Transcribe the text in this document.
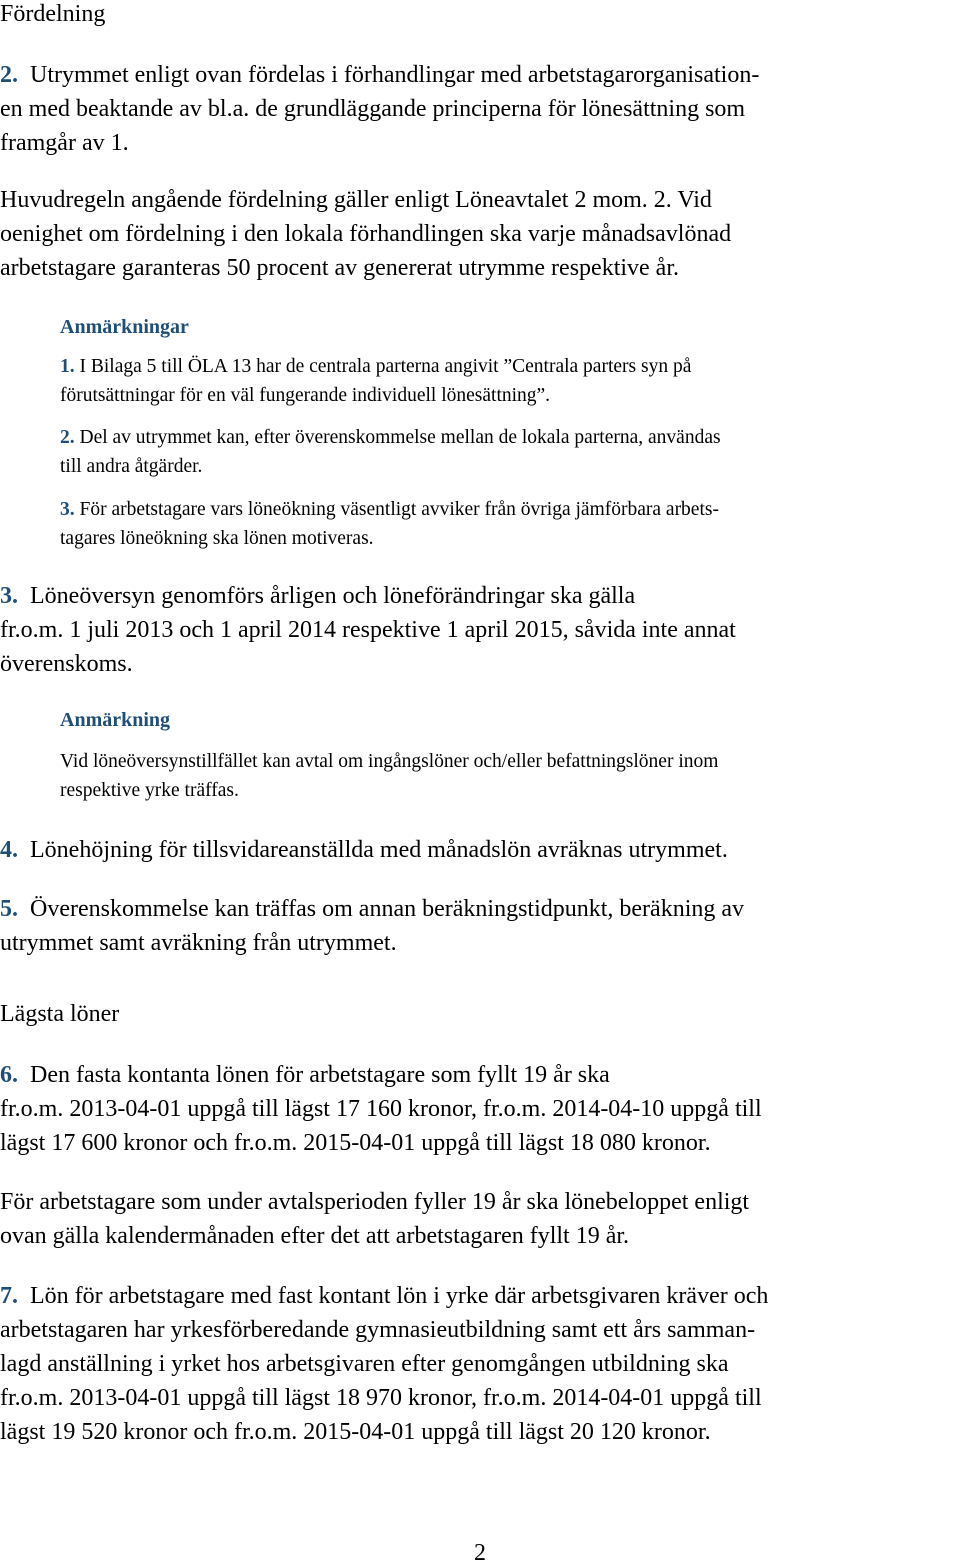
Fördelning

2. Utrymmet enligt ovan fördelas i förhandlingar med arbetstagarorganisation-

en med beaktande av bl.a. de grundläggande principerna för lönesättning som

framgår av 1.

Huvudregeln angående fördelning gäller enligt Löneavtalet 2 mom. 2. Vid

oenighet om fördelning i den lokala förhandlingen ska varje månadsavlönad

arbetstagare garanteras 50 procent av genererat utrymme respektive år.

Anmärkningar

1. I Bilaga 5 till ÖLA 13 har de centrala parterna angivit ”Centrala parters syn på

förutsättningar för en väl fungerande individuell lönesättning”.

2. Del av utrymmet kan, efter överenskommelse mellan de lokala parterna, användas

till andra åtgärder.

3. För arbetstagare vars löneökning väsentligt avviker från övriga jämförbara arbets-

tagares löneökning ska lönen motiveras.

3. Löneöversyn genomförs årligen och löneförändringar ska gälla

fr.o.m. 1 juli 2013 och 1 april 2014 respektive 1 april 2015, såvida inte annat

överenskoms.

Anmärkning

Vid löneöversynstillfället kan avtal om ingångslöner och/eller befattningslöner inom

respektive yrke träffas.

4. Lönehöjning för tillsvidareanställda med månadslön avräknas utrymmet.

5. Överenskommelse kan träffas om annan beräkningstidpunkt, beräkning av

utrymmet samt avräkning från utrymmet.

Lägsta löner

6. Den fasta kontanta lönen för arbetstagare som fyllt 19 år ska

fr.o.m. 2013-04-01 uppgå till lägst 17 160 kronor, fr.o.m. 2014-04-10 uppgå till

lägst 17 600 kronor och fr.o.m. 2015-04-01 uppgå till lägst 18 080 kronor.

För arbetstagare som under avtalsperioden fyller 19 år ska lönebeloppet enligt

ovan gälla kalendermånaden efter det att arbetstagaren fyllt 19 år.

7. Lön för arbetstagare med fast kontant lön i yrke där arbetsgivaren kräver och

arbetstagaren har yrkesförberedande gymnasieutbildning samt ett års samman-

lagd anställning i yrket hos arbetsgivaren efter genomgången utbildning ska

fr.o.m. 2013-04-01 uppgå till lägst 18 970 kronor, fr.o.m. 2014-04-01 uppgå till

lägst 19 520 kronor och fr.o.m. 2015-04-01 uppgå till lägst 20 120 kronor.

2
